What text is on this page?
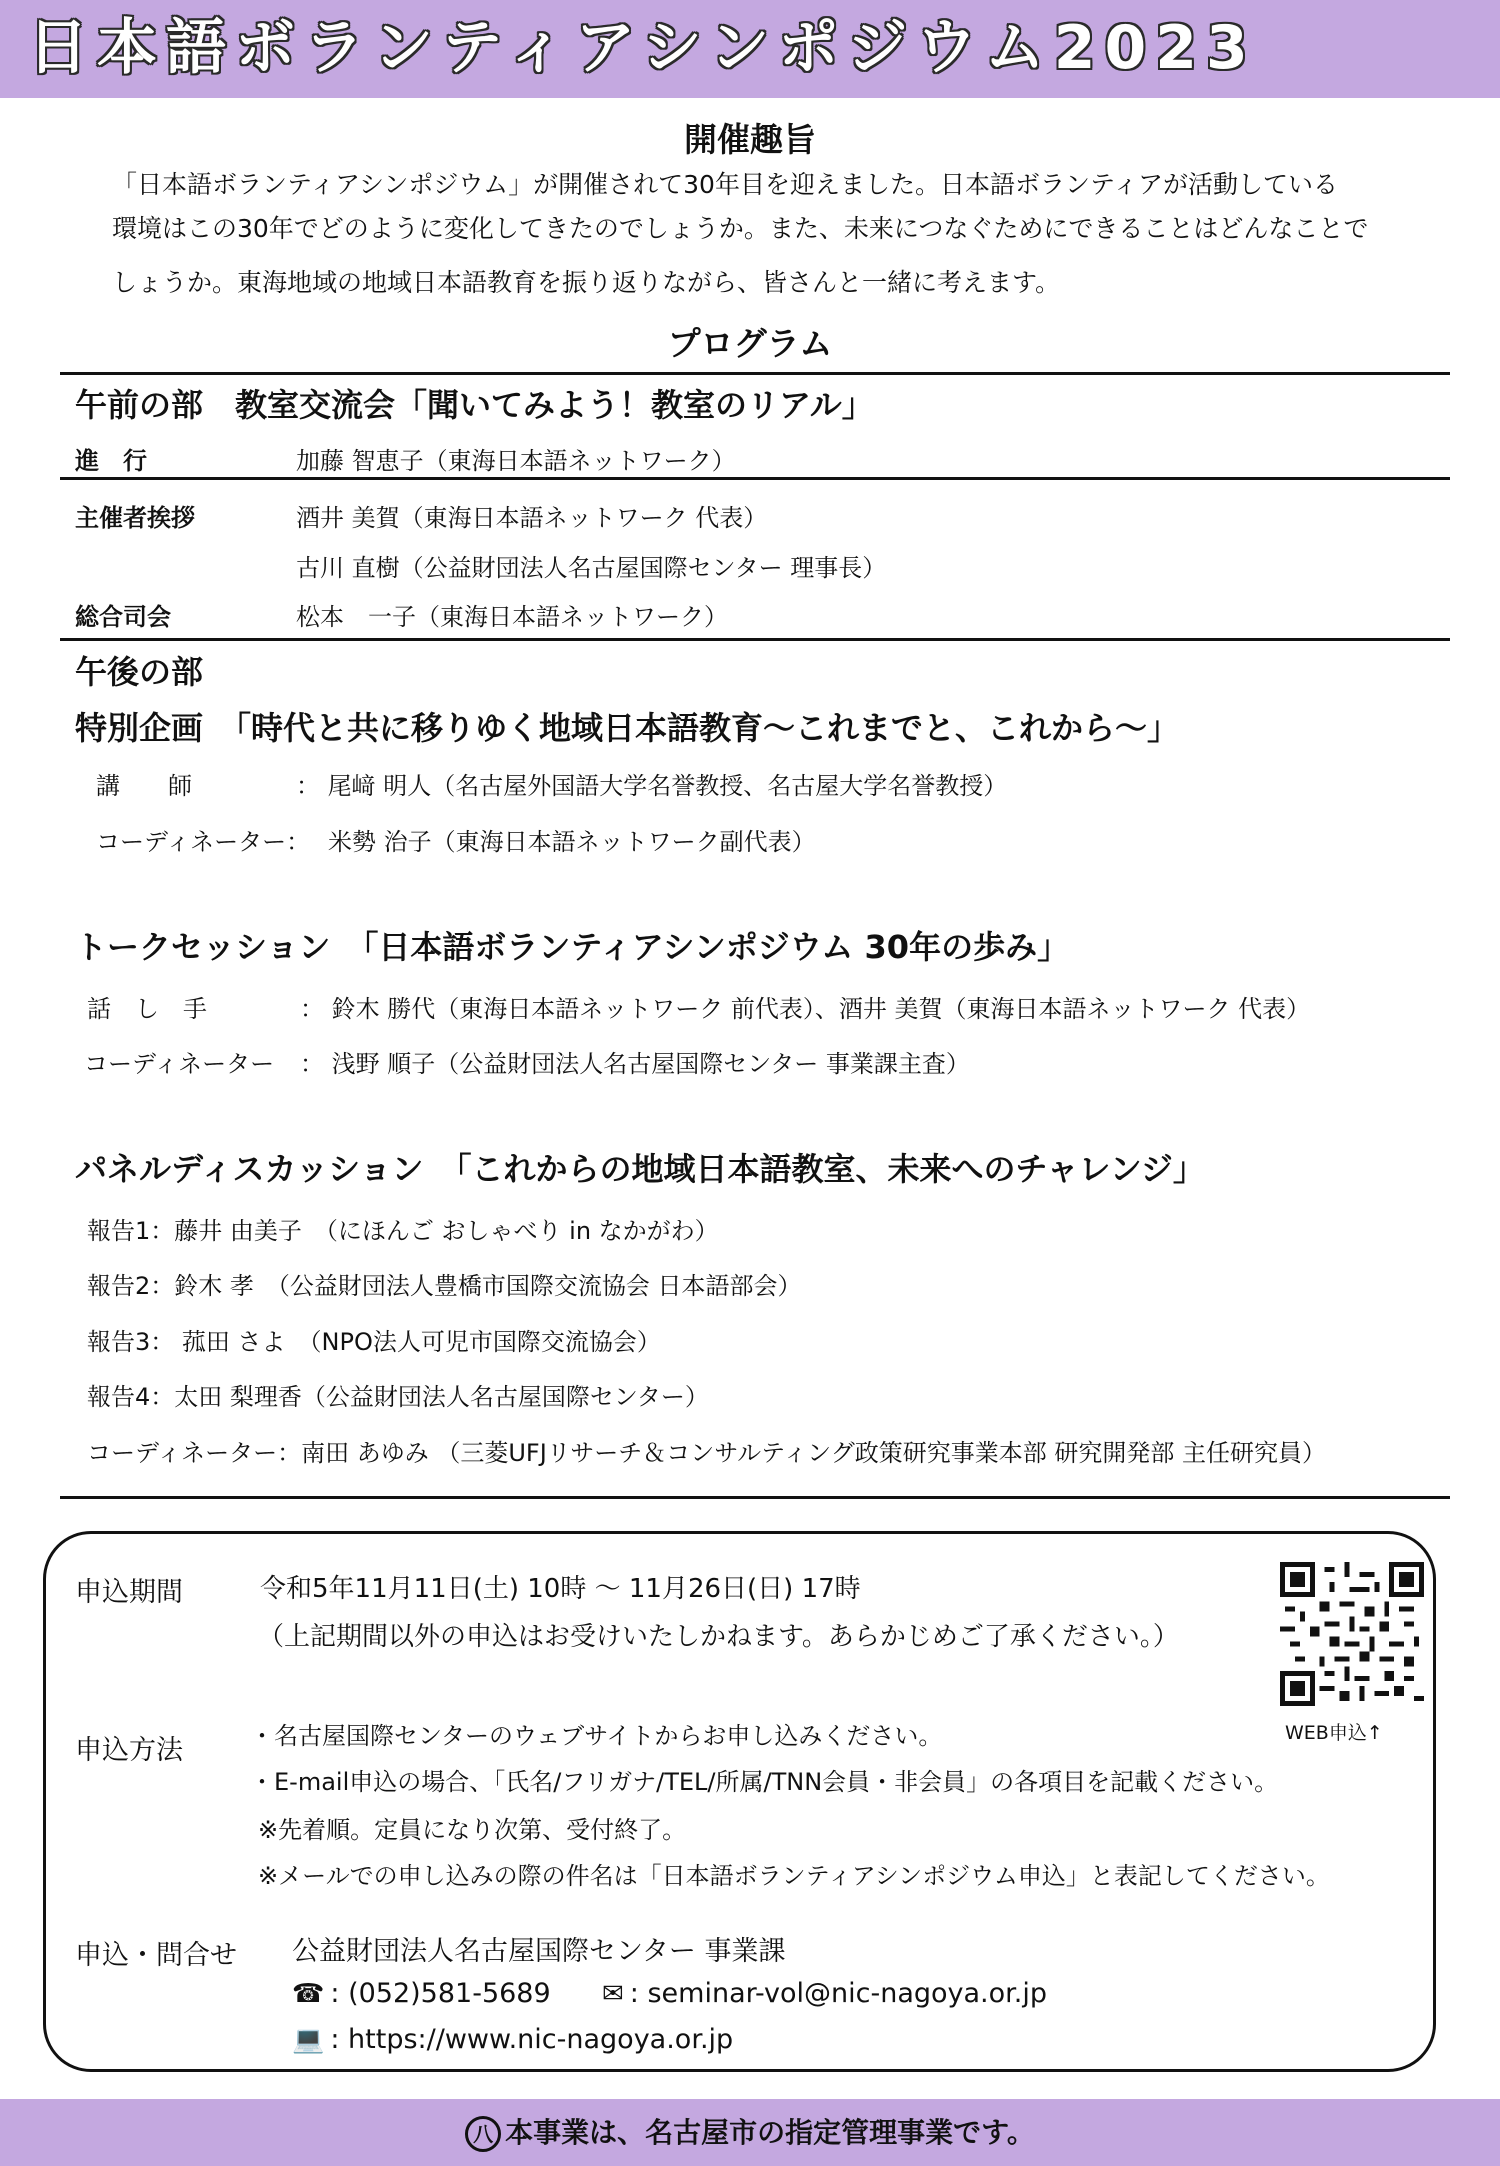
日本語ボランティアシンポジウム2023
開催趣旨
「日本語ボランティアシンポジウム」が開催されて30年目を迎えました。日本語ボランティアが活動している
環境はこの30年でどのように変化してきたのでしょうか。また、未来につなぐためにできることはどんなことで
しょうか。東海地域の地域日本語教育を振り返りながら、皆さんと一緒に考えます。
プログラム
午前の部　教室交流会「聞いてみよう！教室のリアル」
進　行	加藤 智恵子（東海日本語ネットワーク）
主催者挨拶	酒井 美賀（東海日本語ネットワーク 代表）
古川 直樹（公益財団法人名古屋国際センター 理事長）
総合司会	松本　一子（東海日本語ネットワーク）
午後の部
特別企画　「時代と共に移りゆく地域日本語教育～これまでと、これから～」
講　　師	： 尾﨑 明人（名古屋外国語大学名誉教授、名古屋大学名誉教授）
コーディネーター： 米勢 治子（東海日本語ネットワーク副代表）
トークセッション　「日本語ボランティアシンポジウム 30年の歩み」
話　し　手	： 鈴木 勝代（東海日本語ネットワーク 前代表）、酒井 美賀（東海日本語ネットワーク 代表）
コーディネーター ： 浅野 順子（公益財団法人名古屋国際センター 事業課主査）
パネルディスカッション　「これからの地域日本語教室、未来へのチャレンジ」
報告1：藤井 由美子　（にほんご おしゃべり in なかがわ）
報告2：鈴木 孝　（公益財団法人豊橋市国際交流協会 日本語部会）
報告3： 菰田 さよ　（NPO法人可児市国際交流協会）
報告4：太田 梨理香（公益財団法人名古屋国際センター）
コーディネーター：南田 あゆみ （三菱UFJリサーチ＆コンサルティング政策研究事業本部 研究開発部 主任研究員）
申込期間	令和5年11月11日(土) 10時 ～ 11月26日(日) 17時
（上記期間以外の申込はお受けいたしかねます。あらかじめご了承ください。）
WEB申込↑
申込方法	・名古屋国際センターのウェブサイトからお申し込みください。
・E-mail申込の場合、「氏名/フリガナ/TEL/所属/TNN会員・非会員」の各項目を記載ください。
※先着順。定員になり次第、受付終了。
※メールでの申し込みの際の件名は「日本語ボランティアシンポジウム申込」と表記してください。
申込・問合せ 公益財団法人名古屋国際センター 事業課
☎ : (052)581-5689 ✉ : seminar-vol@nic-nagoya.or.jp
💻 : https://www.nic-nagoya.or.jp
八 本事業は、名古屋市の指定管理事業です。
